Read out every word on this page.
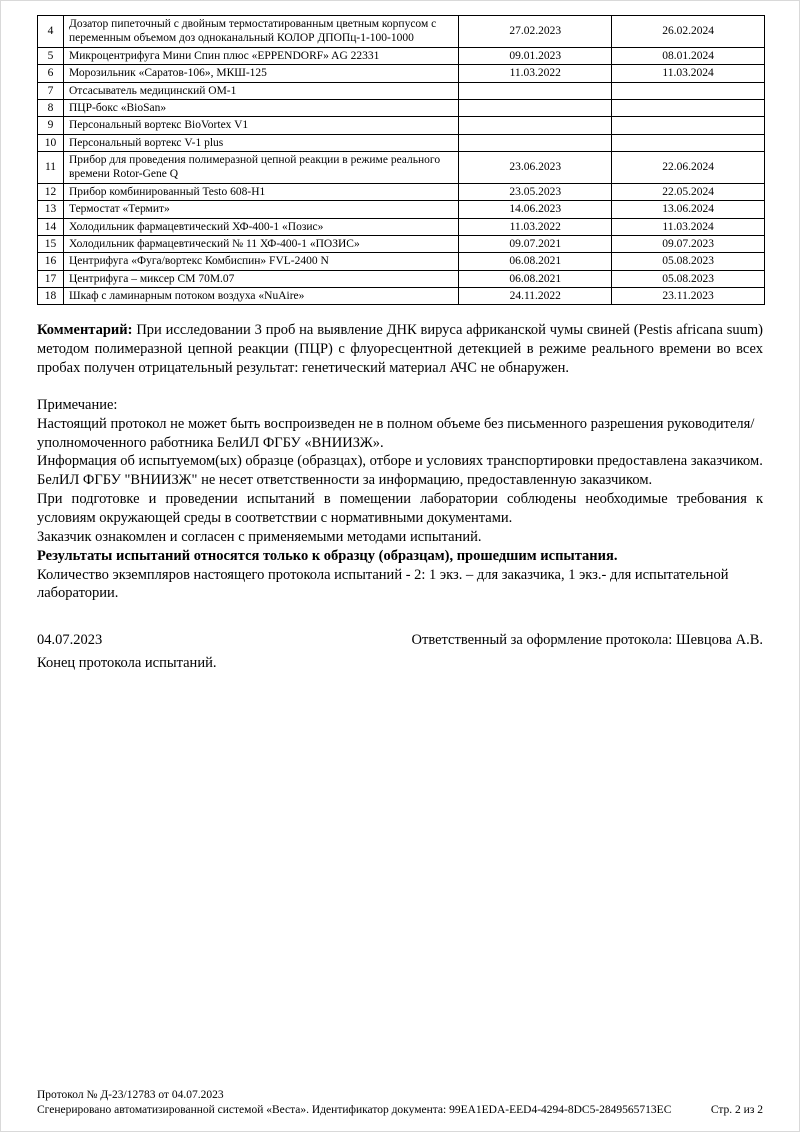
4	Дозатор пипеточный с двойным термостатированным цветным корпусом с переменным объемом доз одноканальный КОЛОР ДПОПц-1-100-1000	27.02.2023	26.02.2024
5	Микроцентрифуга Мини Спин плюс «EPPENDORF» AG 22331	09.01.2023	08.01.2024
6	Морозильник «Саратов-106», МКШ-125	11.03.2022	11.03.2024
7	Отсасыватель медицинский ОМ-1		
8	ПЦР-бокс «BioSan»		
9	Персональный вортекс BioVortex V1		
10	Персональный вортекс V-1 plus		
11	Прибор для проведения полимеразной цепной реакции в режиме реального времени Rotor-Gene Q	23.06.2023	22.06.2024
12	Прибор комбинированный Testo 608-H1	23.05.2023	22.05.2024
13	Термостат «Термит»	14.06.2023	13.06.2024
14	Холодильник фармацевтический ХФ-400-1 «Позис»	11.03.2022	11.03.2024
15	Холодильник фармацевтический № 11 ХФ-400-1 «ПОЗИС»	09.07.2021	09.07.2023
16	Центрифуга «Фуга/вортекс Комбиспин» FVL-2400 N	06.08.2021	05.08.2023
17	Центрифуга – миксер СМ 70М.07	06.08.2021	05.08.2023
18	Шкаф с ламинарным потоком воздуха «NuAire»	24.11.2022	23.11.2023

Комментарий: При исследовании 3 проб на выявление ДНК вируса африканской чумы свиней (Pestis africana suum) методом полимеразной цепной реакции (ПЦР) с флуоресцентной детекцией в режиме реального времени во всех пробах получен отрицательный результат: генетический материал АЧС не обнаружен.

Примечание:

Настоящий протокол не может быть воспроизведен не в полном объеме без письменного разрешения руководителя/уполномоченного работника БелИЛ ФГБУ «ВНИИЗЖ».

Информация об испытуемом(ых) образце (образцах), отборе и условиях транспортировки предоставлена заказчиком.

БелИЛ ФГБУ "ВНИИЗЖ" не несет ответственности за информацию, предоставленную заказчиком.

При подготовке и проведении испытаний в помещении лаборатории соблюдены необходимые требования к условиям окружающей среды в соответствии с нормативными документами.

Заказчик ознакомлен и согласен с применяемыми методами испытаний.

Результаты испытаний относятся только к образцу (образцам), прошедшим испытания.

Количество экземпляров настоящего протокола испытаний - 2: 1 экз. – для заказчика, 1 экз.- для испытательной лаборатории.

04.07.2023	Ответственный за оформление протокола: Шевцова А.В.

Конец протокола испытаний.

Протокол № Д-23/12783 от 04.07.2023
Сгенерировано автоматизированной системой «Веста». Идентификатор документа: 99EA1EDA-EED4-4294-8DC5-2849565713EC	Стр. 2 из 2
